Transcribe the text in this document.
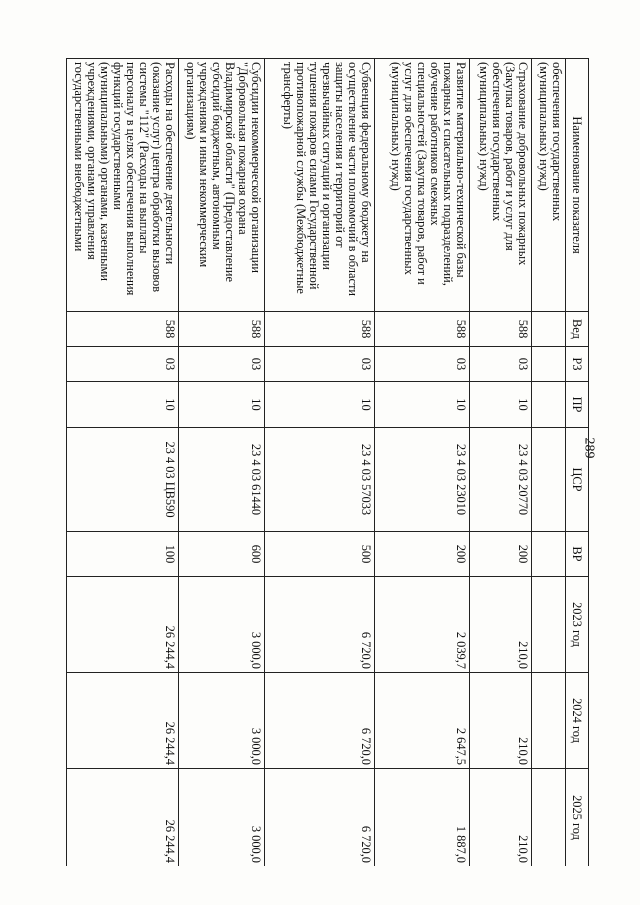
289
Наименование показателя	Вед	РЗ	ПР	ЦСР	ВР	2023 год	2024 год	2025 год
обеспечения государственных (муниципальных) нужд)								
Страхование добровольных пожарных (Закупка товаров, работ и услуг для обеспечения государственных (муниципальных) нужд)	588	03	10	23 4 03 20770	200	210,0	210,0	210,0
Развитие материально-технической базы пожарных и спасательных подразделений, обучение работников смежных специальностей (Закупка товаров, работ и услуг для обеспечения государственных (муниципальных) нужд)	588	03	10	23 4 03 23010	200	2 039,7	2 647,5	1 887,0
Субвенция федеральному бюджету на осуществление части полномочий в области защиты населения и территорий от чрезвычайных ситуаций и организации тушения пожаров силами Государственной противопожарной службы (Межбюджетные трансферты)	588	03	10	23 4 03 57033	500	6 720,0	6 720,0	6 720,0
Субсидии некоммерческой организации "Добровольная пожарная охрана Владимирской области" (Предоставление субсидий бюджетным, автономным учреждениям и иным некоммерческим организациям)	588	03	10	23 4 03 61440	600	3 000,0	3 000,0	3 000,0
Расходы на обеспечение деятельности (оказание услуг) центра обработки вызовов системы "112" (Расходы на выплаты персоналу в целях обеспечения выполнения функций государственными (муниципальными) органами, казенными учреждениями, органами управления государственными внебюджетными	588	03	10	23 4 03 ЦВ590	100	26 244,4	26 244,4	26 244,4
